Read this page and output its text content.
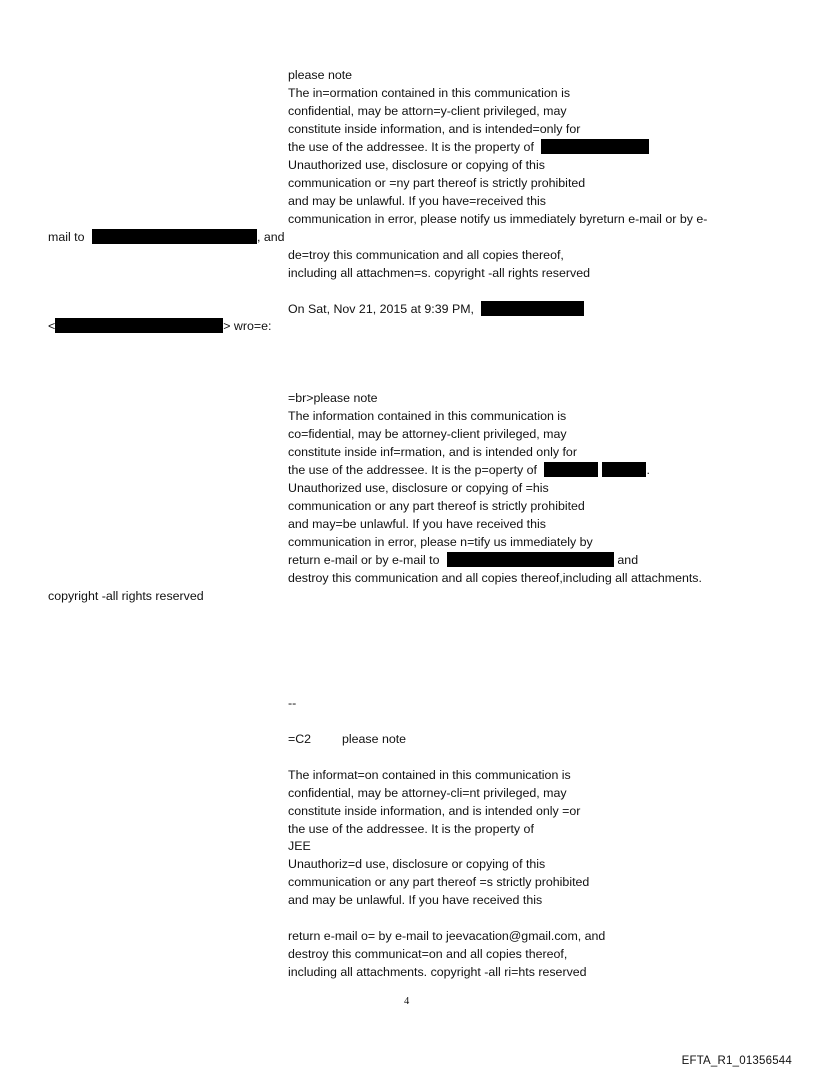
please note
The in=ormation contained in this communication is
confidential, may be attorn=y-client privileged, may
constitute inside information, and is intended=only for
the use of the addressee. It is the property of
Unauthorized use, disclosure or copying of this
communication or =ny part thereof is strictly prohibited
and may be unlawful. If you have=received this
communication in error, please notify us immediately byreturn e-mail or by e-
mail to	, and
de=troy this communication and all copies thereof,
including all attachmen=s. copyright -all rights reserved
On Sat, Nov 21, 2015 at 9:39 PM,
<	> wro=e:
=br>please note
The information contained in this communication is
co=fidential, may be attorney-client privileged, may
constitute inside inf=rmation, and is intended only for
the use of the addressee. It is the p=operty of	.
Unauthorized use, disclosure or copying of =his
communication or any part thereof is strictly prohibited
and may=be unlawful. If you have received this
communication in error, please n=tify us immediately by
return e-mail or by e-mail to	and
destroy this communication and all copies thereof,including all attachments.
copyright -all rights reserved
--
=C2 please note
The informat=on contained in this communication is
confidential, may be attorney-cli=nt privileged, may
constitute inside information, and is intended only =or
the use of the addressee. It is the property of
JEE
Unauthoriz=d use, disclosure or copying of this
communication or any part thereof =s strictly prohibited
and may be unlawful. If you have received this
return e-mail o= by e-mail to jeevacation@gmail.com, and
destroy this communicat=on and all copies thereof,
including all attachments. copyright -all ri=hts reserved
4
EFTA_R1_01356544
